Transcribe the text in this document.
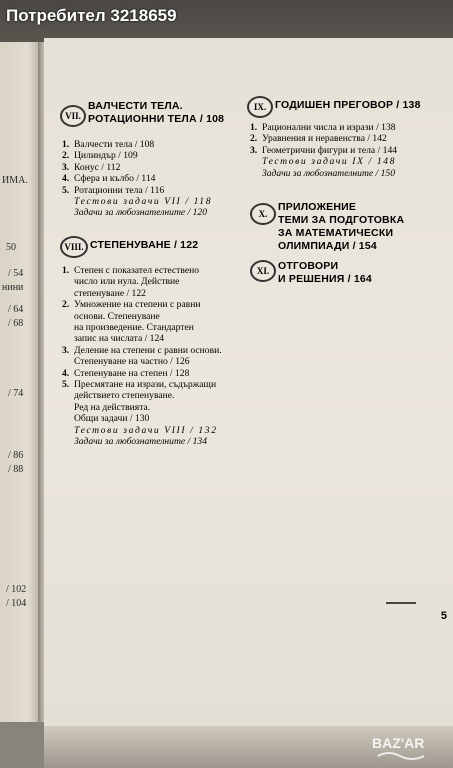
ИМА.
50
/ 54
нини
/ 64
/ 68
/ 74
/ 86
/ 88
/ 102
/ 104
Потребител 3218659
VII.
ВАЛЧЕСТИ ТЕЛА.
РОТАЦИОННИ ТЕЛА / 108
1. Валчести тела / 108
2. Цилиндър / 109
3. Конус / 112
4. Сфера и кълбо / 114
5. Ротационни тела / 116
Тестови задачи VII / 118
Задачи за любознателните / 120
VIII. СТЕПЕНУВАНЕ / 122
1. Степен с показател естествено
число или нула. Действие
степенуване / 122
2. Умножение на степени с равни
основи. Степенуване
на произведение. Стандартен
запис на числата / 124
3. Деление на степени с равни основи.
Степенуване на частно / 126
4. Степенуване на степен / 128
5. Пресмятане на изрази, съдържащи
действието степенуване.
Ред на действията.
Общи задачи / 130
Тестови задачи VIII / 132
Задачи за любознателните / 134
IX. ГОДИШЕН ПРЕГОВОР / 138
1. Рационални числа и изрази / 138
2. Уравнения и неравенства / 142
3. Геометрични фигури и тела / 144
Тестови задачи IX / 148
Задачи за любознателните / 150
X.
ПРИЛОЖЕНИЕ
ТЕМИ ЗА ПОДГОТОВКА
ЗА МАТЕМАТИЧЕСКИ
ОЛИМПИАДИ / 154
XI. ОТГОВОРИ
И РЕШЕНИЯ / 164
5
BAZ'AR
